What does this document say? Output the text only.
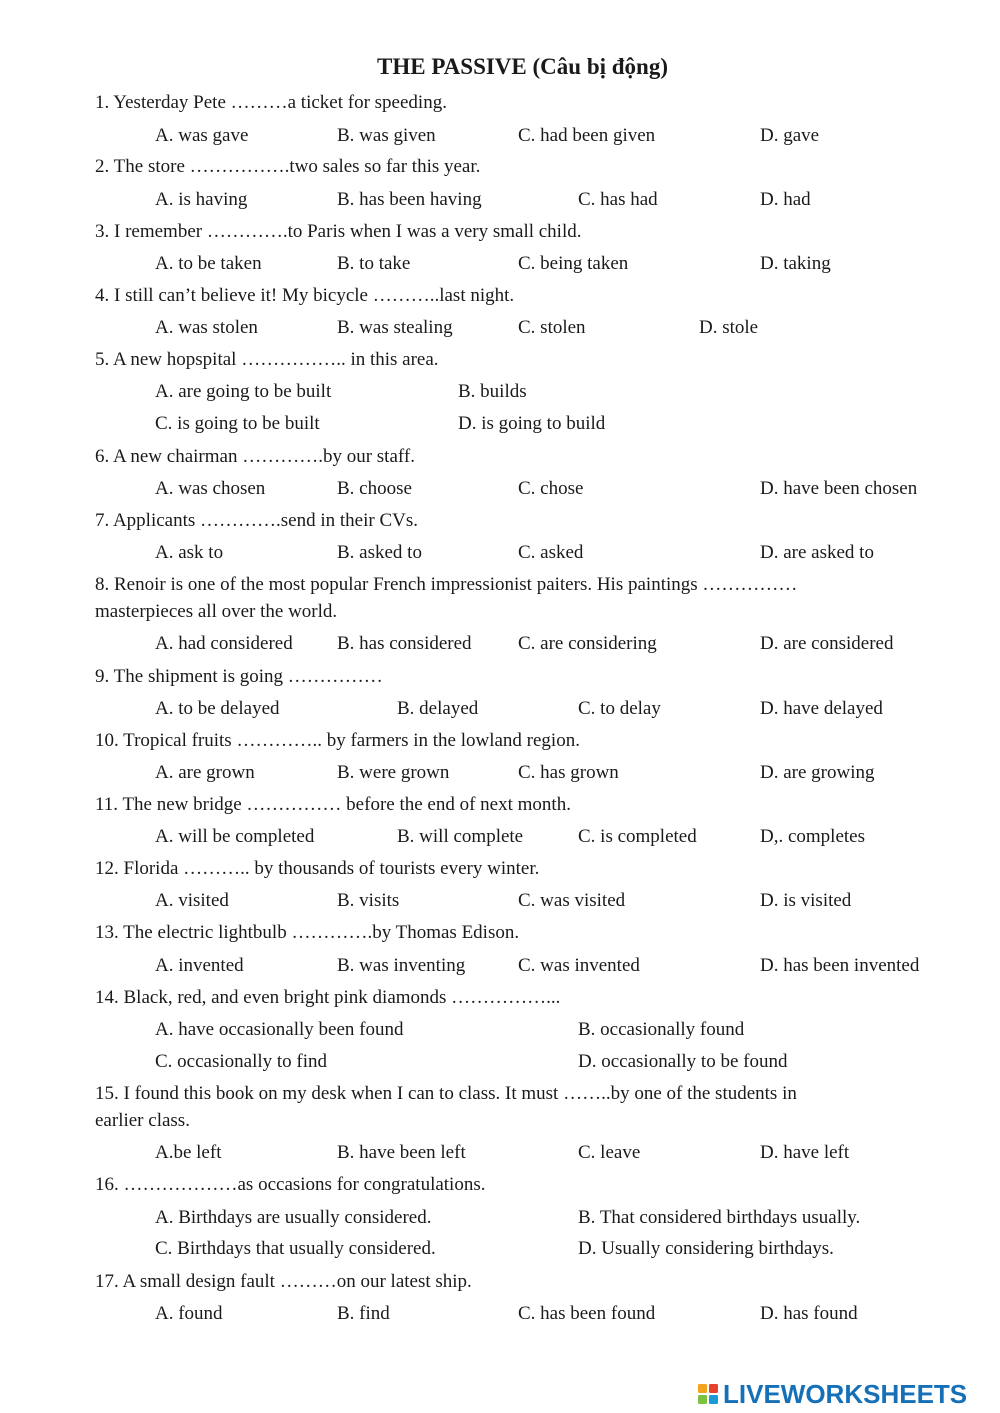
THE PASSIVE (Câu bị động)
1. Yesterday Pete ………a ticket for speeding.
A. was gave	B. was given	C. had been given	D. gave
2. The store …………….two sales so far this year.
A. is having	B. has been having	C. has had	D. had
3. I remember ………….to Paris when I was a very small child.
A. to be taken	B. to take	C. being taken	D. taking
4. I still can’t believe it! My bicycle ………..last night.
A. was stolen	B. was stealing	C. stolen	D. stole
5. A new hopspital …………….. in this area.
A. are going to be built	B. builds
C. is going to be built	D. is going to build
6. A new chairman ………….by our staff.
A. was chosen	B. choose	C. chose	D. have been chosen
7. Applicants ………….send in their CVs.
A. ask to	B. asked to	C. asked	D. are asked to
8. Renoir is one of the most popular French impressionist paiters. His paintings ……………
masterpieces all over the world.
A. had considered B. has considered C. are considering	D. are considered
9. The shipment is going ……………
A. to be delayed	B. delayed	C. to delay	D. have delayed
10. Tropical fruits ………….. by farmers in the lowland region.
A. are grown	B. were grown	C. has grown	D. are growing
11. The new bridge …………… before the end of next month.
A. will be completed	B. will complete	C. is completed	D,. completes
12. Florida ……….. by thousands of tourists every winter.
A. visited	B. visits	C. was visited	D. is visited
13. The electric lightbulb ………….by Thomas Edison.
A. invented	B. was inventing	C. was invented	D. has been invented
14. Black, red, and even bright pink diamonds ……………...
A. have occasionally been found	B. occasionally found
C. occasionally to find	D. occasionally to be found
15. I found this book on my desk when I can to class. It must ……..by one of the students in
earlier class.
A.be left	B. have been left	C. leave	D. have left
16. ………………as occasions for congratulations.
A. Birthdays are usually considered.	B. That considered birthdays usually.
C. Birthdays that usually considered.	D. Usually considering birthdays.
17. A small design fault ………on our latest ship.
A. found	B. find	C. has been found	D. has found
LIVEWORKSHEETS
